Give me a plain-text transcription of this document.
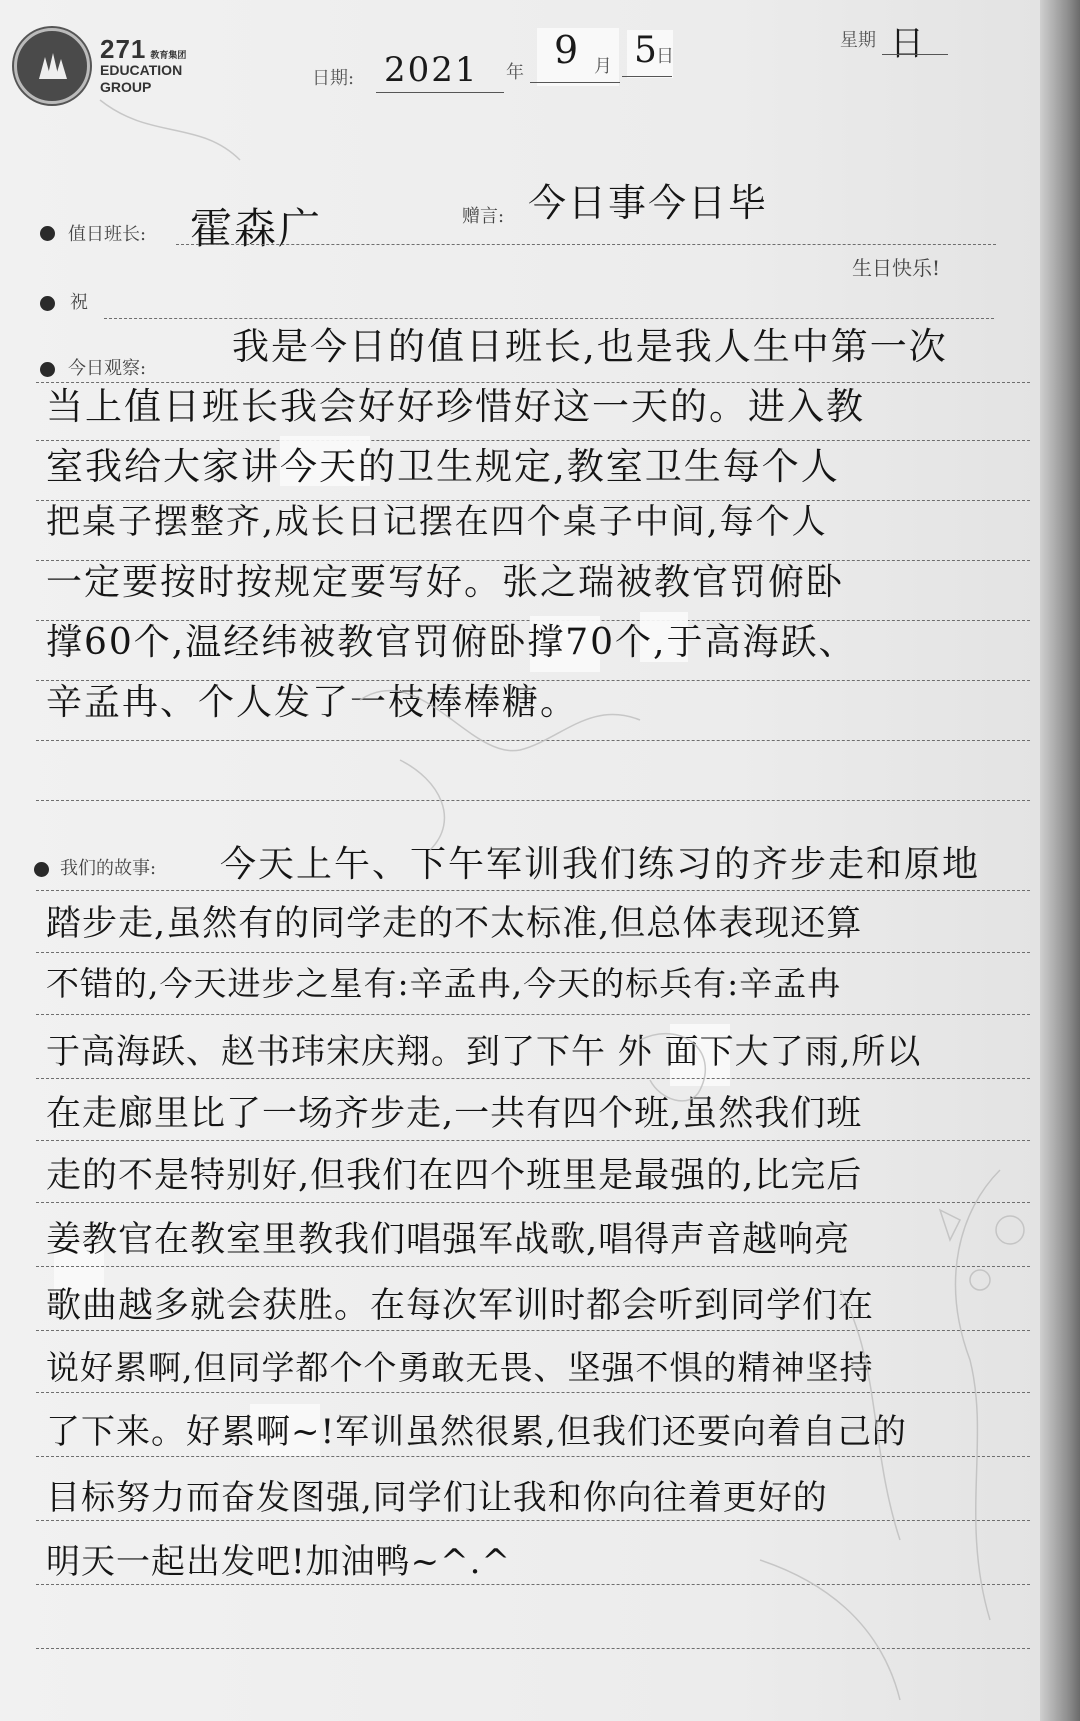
271 教育集团
EDUCATION
GROUP	日期: 2021 年
9 月 5 日
星期 日
值日班长: 霍森广	赠言: 今日事今日毕
生日快乐!
祝
今日观察:
我是今日的值日班长,也是我人生中第一次
当上值日班长我会好好珍惜好这一天的。进入教
室我给大家讲今天的卫生规定,教室卫生每个人
把桌子摆整齐,成长日记摆在四个桌子中间,每个人
一定要按时按规定要写好。张之瑞被教官罚俯卧
撑60个,温经纬被教官罚俯卧撑70个,于高海跃、
辛孟冉、个人发了一枝棒棒糖。
我们的故事: 今天上午、下午军训我们练习的齐步走和原地
踏步走,虽然有的同学走的不太标准,但总体表现还算
不错的,今天进步之星有:辛孟冉,今天的标兵有:辛孟冉
于高海跃、赵书玮宋庆翔。到了下午 外 面下大了雨,所以
在走廊里比了一场齐步走,一共有四个班,虽然我们班
走的不是特别好,但我们在四个班里是最强的,比完后
姜教官在教室里教我们唱强军战歌,唱得声音越响亮
歌曲越多就会获胜。在每次军训时都会听到同学们在
说好累啊,但同学都个个勇敢无畏、坚强不惧的精神坚持
了下来。好累啊~!军训虽然很累,但我们还要向着自己的
目标努力而奋发图强,同学们让我和你向往着更好的
明天一起出发吧!加油鸭~^.^
